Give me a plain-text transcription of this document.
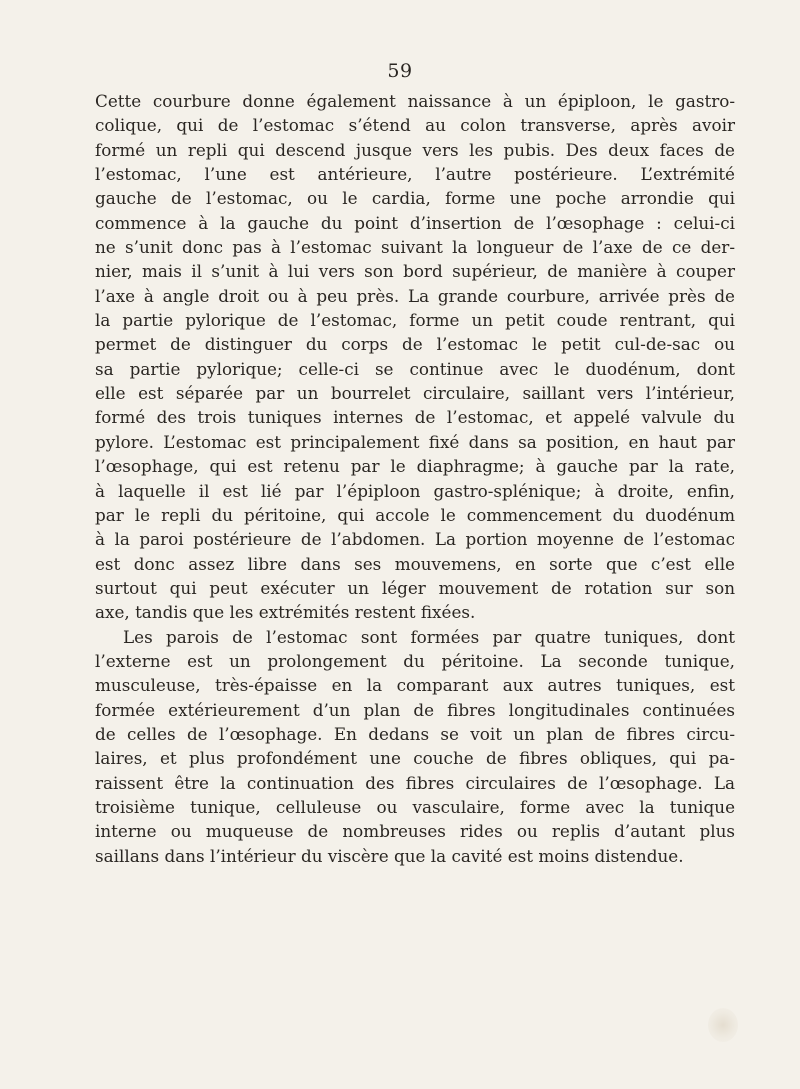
59
Cette courbure donne également naissance à un épiploon, le gastro-
colique, qui de l’estomac s’étend au colon transverse, après avoir
formé un repli qui descend jusque vers les pubis. Des deux faces de
l’estomac, l’une est antérieure, l’autre postérieure. L’extrémité
gauche de l’estomac, ou le cardia, forme une poche arrondie qui
commence à la gauche du point d’insertion de l’œsophage : celui-ci
ne s’unit donc pas à l’estomac suivant la longueur de l’axe de ce der-
nier, mais il s’unit à lui vers son bord supérieur, de manière à couper
l’axe à angle droit ou à peu près. La grande courbure, arrivée près de
la partie pylorique de l’estomac, forme un petit coude rentrant, qui
permet de distinguer du corps de l’estomac le petit cul-de-sac ou
sa partie pylorique; celle-ci se continue avec le duodénum, dont
elle est séparée par un bourrelet circulaire, saillant vers l’intérieur,
formé des trois tuniques internes de l’estomac, et appelé valvule du
pylore. L’estomac est principalement fixé dans sa position, en haut par
l’œsophage, qui est retenu par le diaphragme; à gauche par la rate,
à laquelle il est lié par l’épiploon gastro-splénique; à droite, enfin,
par le repli du péritoine, qui accole le commencement du duodénum
à la paroi postérieure de l’abdomen. La portion moyenne de l’estomac
est donc assez libre dans ses mouvemens, en sorte que c’est elle
surtout qui peut exécuter un léger mouvement de rotation sur son
axe, tandis que les extrémités restent fixées.
Les parois de l’estomac sont formées par quatre tuniques, dont
l’externe est un prolongement du péritoine. La seconde tunique,
musculeuse, très-épaisse en la comparant aux autres tuniques, est
formée extérieurement d’un plan de fibres longitudinales continuées
de celles de l’œsophage. En dedans se voit un plan de fibres circu-
laires, et plus profondément une couche de fibres obliques, qui pa-
raissent être la continuation des fibres circulaires de l’œsophage. La
troisième tunique, celluleuse ou vasculaire, forme avec la tunique
interne ou muqueuse de nombreuses rides ou replis d’autant plus
saillans dans l’intérieur du viscère que la cavité est moins distendue.
